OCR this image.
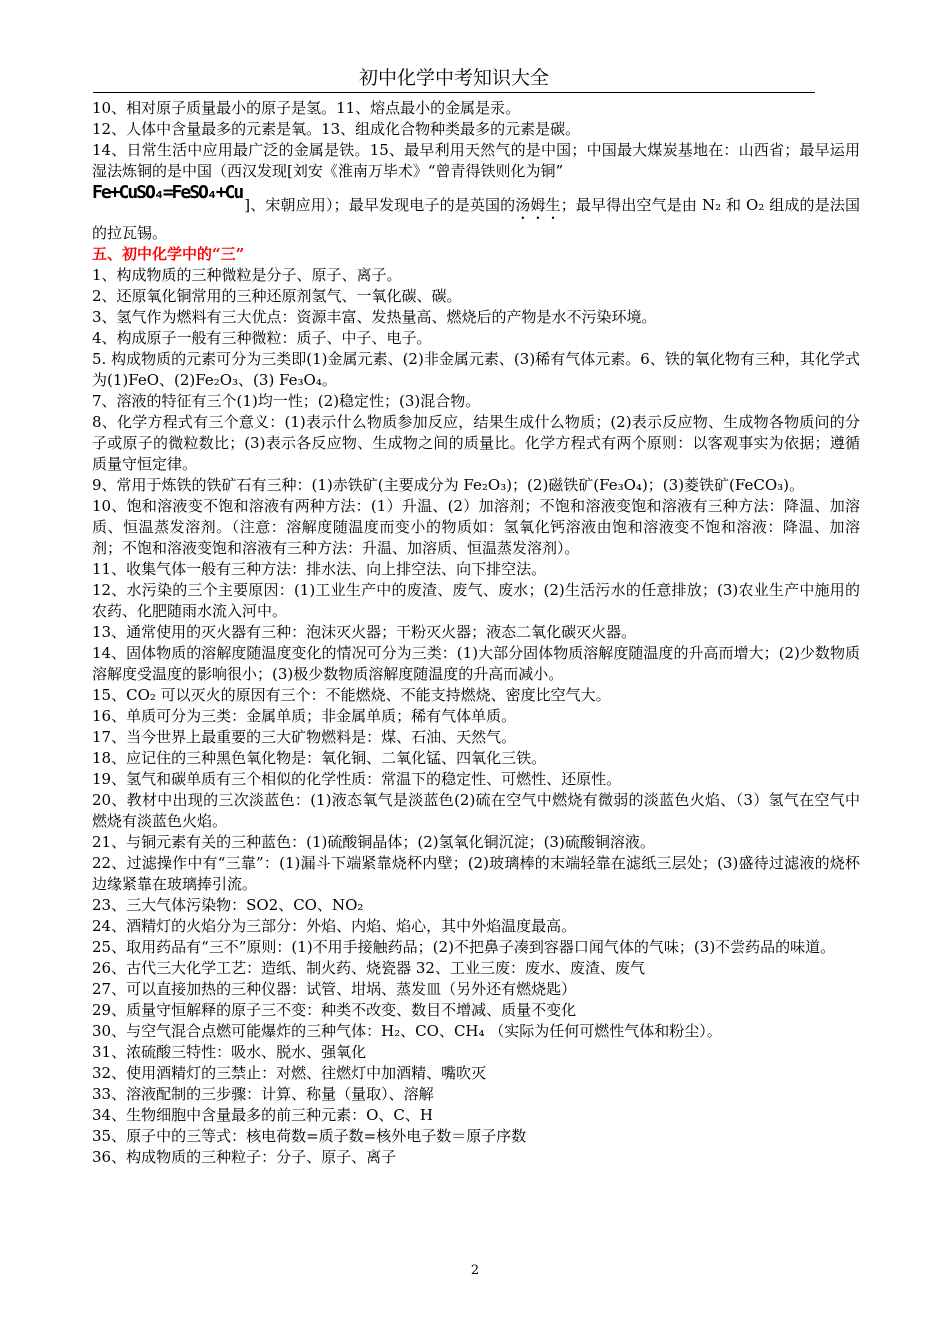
初中化学中考知识大全

10、相对原子质量最小的原子是氢。11、熔点最小的金属是汞。

12、人体中含量最多的元素是氧。13、组成化合物种类最多的元素是碳。

14、日常生活中应用最广泛的金属是铁。15、最早利用天然气的是中国；中国最大煤炭基地在：山西省；最早运用湿法炼铜的是中国（西汉发现[刘安《淮南万毕术》“曾青得铁则化为铜”

Fe+CuSO₄=FeSO₄+Cu]、宋朝应用）；最早发现电子的是英国的汤姆生；最早得出空气是由 N₂ 和 O₂ 组成的是法国的拉瓦锡。

五、初中化学中的“三”

1、构成物质的三种微粒是分子、原子、离子。

2、还原氧化铜常用的三种还原剂氢气、一氧化碳、碳。

3、氢气作为燃料有三大优点：资源丰富、发热量高、燃烧后的产物是水不污染环境。

4、构成原子一般有三种微粒：质子、中子、电子。

5. 构成物质的元素可分为三类即(1)金属元素、(2)非金属元素、(3)稀有气体元素。6、铁的氧化物有三种，其化学式为(1)FeO、(2)Fe₂O₃、(3) Fe₃O₄。

7、溶液的特征有三个(1)均一性；(2)稳定性；(3)混合物。

8、化学方程式有三个意义：(1)表示什么物质参加反应，结果生成什么物质；(2)表示反应物、生成物各物质问的分子或原子的微粒数比；(3)表示各反应物、生成物之间的质量比。化学方程式有两个原则：以客观事实为依据；遵循质量守恒定律。

9、常用于炼铁的铁矿石有三种：(1)赤铁矿(主要成分为 Fe₂O₃)；(2)磁铁矿(Fe₃O₄)；(3)菱铁矿(FeCO₃)。

10、饱和溶液变不饱和溶液有两种方法：(1）升温、(2）加溶剂；不饱和溶液变饱和溶液有三种方法：降温、加溶质、恒温蒸发溶剂。（注意：溶解度随温度而变小的物质如：氢氧化钙溶液由饱和溶液变不饱和溶液：降温、加溶剂；不饱和溶液变饱和溶液有三种方法：升温、加溶质、恒温蒸发溶剂）。

11、收集气体一般有三种方法：排水法、向上排空法、向下排空法。

12、水污染的三个主要原因：(1)工业生产中的废渣、废气、废水；(2)生活污水的任意排放；(3)农业生产中施用的农药、化肥随雨水流入河中。

13、通常使用的灭火器有三种：泡沫灭火器；干粉灭火器；液态二氧化碳灭火器。

14、固体物质的溶解度随温度变化的情况可分为三类：(1)大部分固体物质溶解度随温度的升高而增大；(2)少数物质溶解度受温度的影响很小；(3)极少数物质溶解度随温度的升高而减小。

15、CO₂ 可以灭火的原因有三个：不能燃烧、不能支持燃烧、密度比空气大。

16、单质可分为三类：金属单质；非金属单质；稀有气体单质。

17、当今世界上最重要的三大矿物燃料是：煤、石油、天然气。

18、应记住的三种黑色氧化物是：氧化铜、二氧化锰、四氧化三铁。

19、氢气和碳单质有三个相似的化学性质：常温下的稳定性、可燃性、还原性。

20、教材中出现的三次淡蓝色：(1)液态氧气是淡蓝色(2)硫在空气中燃烧有微弱的淡蓝色火焰、（3）氢气在空气中燃烧有淡蓝色火焰。

21、与铜元素有关的三种蓝色：(1)硫酸铜晶体；(2)氢氧化铜沉淀；(3)硫酸铜溶液。

22、过滤操作中有“三靠”：(1)漏斗下端紧靠烧杯内壁；(2)玻璃棒的末端轻靠在滤纸三层处；(3)盛待过滤液的烧杯边缘紧靠在玻璃捧引流。

23、三大气体污染物：SO2、CO、NO₂

24、酒精灯的火焰分为三部分：外焰、内焰、焰心，其中外焰温度最高。

25、取用药品有“三不”原则：(1)不用手接触药品；(2)不把鼻子凑到容器口闻气体的气味；(3)不尝药品的味道。

26、古代三大化学工艺：造纸、制火药、烧瓷器 32、工业三废：废水、废渣、废气

27、可以直接加热的三种仪器：试管、坩埚、蒸发皿（另外还有燃烧匙）

29、质量守恒解释的原子三不变：种类不改变、数目不增减、质量不变化

30、与空气混合点燃可能爆炸的三种气体：H₂、CO、CH₄ （实际为任何可燃性气体和粉尘）。

31、浓硫酸三特性：吸水、脱水、强氧化

32、使用酒精灯的三禁止：对燃、往燃灯中加酒精、嘴吹灭

33、溶液配制的三步骤：计算、称量（量取）、溶解

34、生物细胞中含量最多的前三种元素：O、C、H

35、原子中的三等式：核电荷数=质子数=核外电子数＝原子序数

36、构成物质的三种粒子：分子、原子、离子

2
